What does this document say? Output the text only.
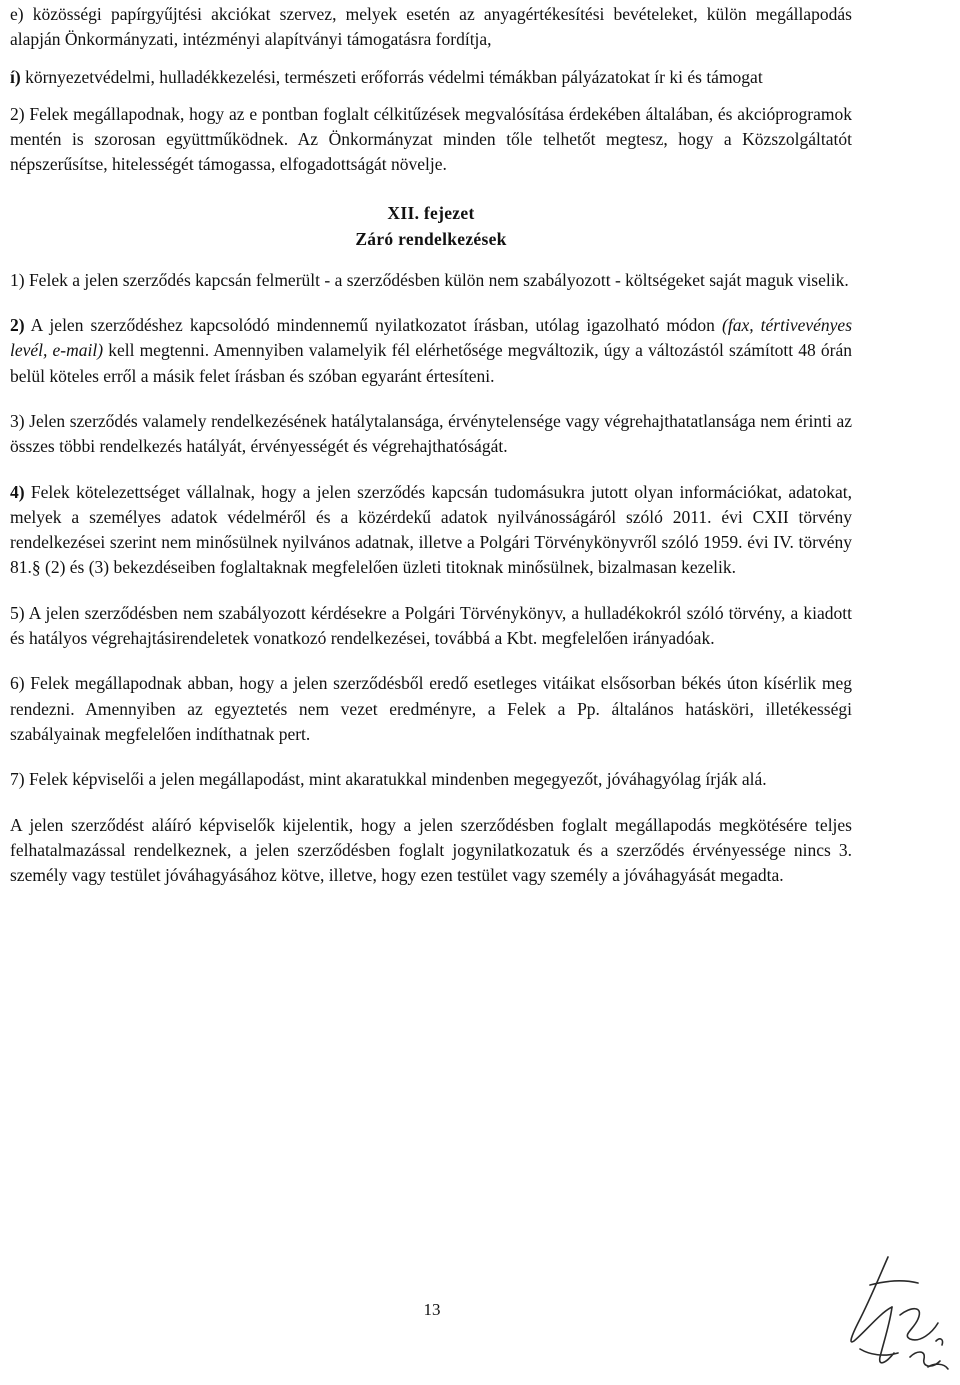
e) közösségi papírgyűjtési akciókat szervez, melyek esetén az anyagértékesítési bevételeket, külön megállapodás alapján Önkormányzati, intézményi alapítványi támogatásra fordítja,

í) környezetvédelmi, hulladékkezelési, természeti erőforrás védelmi témákban pályázatokat ír ki és támogat

2) Felek megállapodnak, hogy az e pontban foglalt célkitűzések megvalósítása érdekében általában, és akcióprogramok mentén is szorosan együttműködnek. Az Önkormányzat minden tőle telhetőt megtesz, hogy a Közszolgáltatót népszerűsítse, hitelességét támogassa, elfogadottságát növelje.

XII. fejezet
Záró rendelkezések

1) Felek a jelen szerződés kapcsán felmerült - a szerződésben külön nem szabályozott - költségeket saját maguk viselik.

2) A jelen szerződéshez kapcsolódó mindennemű nyilatkozatot írásban, utólag igazolható módon (fax, tértivevényes levél, e-mail) kell megtenni. Amennyiben valamelyik fél elérhetősége megváltozik, úgy a változástól számított 48 órán belül köteles erről a másik felet írásban és szóban egyaránt értesíteni.

3) Jelen szerződés valamely rendelkezésének hatálytalansága, érvénytelensége vagy végrehajthatatlansága nem érinti az összes többi rendelkezés hatályát, érvényességét és végrehajthatóságát.

4) Felek kötelezettséget vállalnak, hogy a jelen szerződés kapcsán tudomásukra jutott olyan információkat, adatokat, melyek a személyes adatok védelméről és a közérdekű adatok nyilvánosságáról szóló 2011. évi CXII törvény rendelkezései szerint nem minősülnek nyilvános adatnak, illetve a Polgári Törvénykönyvről szóló 1959. évi IV. törvény 81.§ (2) és (3) bekezdéseiben foglaltaknak megfelelően üzleti titoknak minősülnek, bizalmasan kezelik.

5) A jelen szerződésben nem szabályozott kérdésekre a Polgári Törvénykönyv, a hulladékokról szóló törvény, a kiadott és hatályos végrehajtásirendeletek vonatkozó rendelkezései, továbbá a Kbt. megfelelően irányadóak.

6) Felek megállapodnak abban, hogy a jelen szerződésből eredő esetleges vitáikat elsősorban békés úton kísérlik meg rendezni. Amennyiben az egyeztetés nem vezet eredményre, a Felek a Pp. általános hatásköri, illetékességi szabályainak megfelelően indíthatnak pert.

7) Felek képviselői a jelen megállapodást, mint akaratukkal mindenben megegyezőt, jóváhagyólag írják alá.

A jelen szerződést aláíró képviselők kijelentik, hogy a jelen szerződésben foglalt megállapodás megkötésére teljes felhatalmazással rendelkeznek, a jelen szerződésben foglalt jogynilatkozatuk és a szerződés érvényessége nincs 3. személy vagy testület jóváhagyásához kötve, illetve, hogy ezen testület vagy személy a jóváhagyását megadta.

13
